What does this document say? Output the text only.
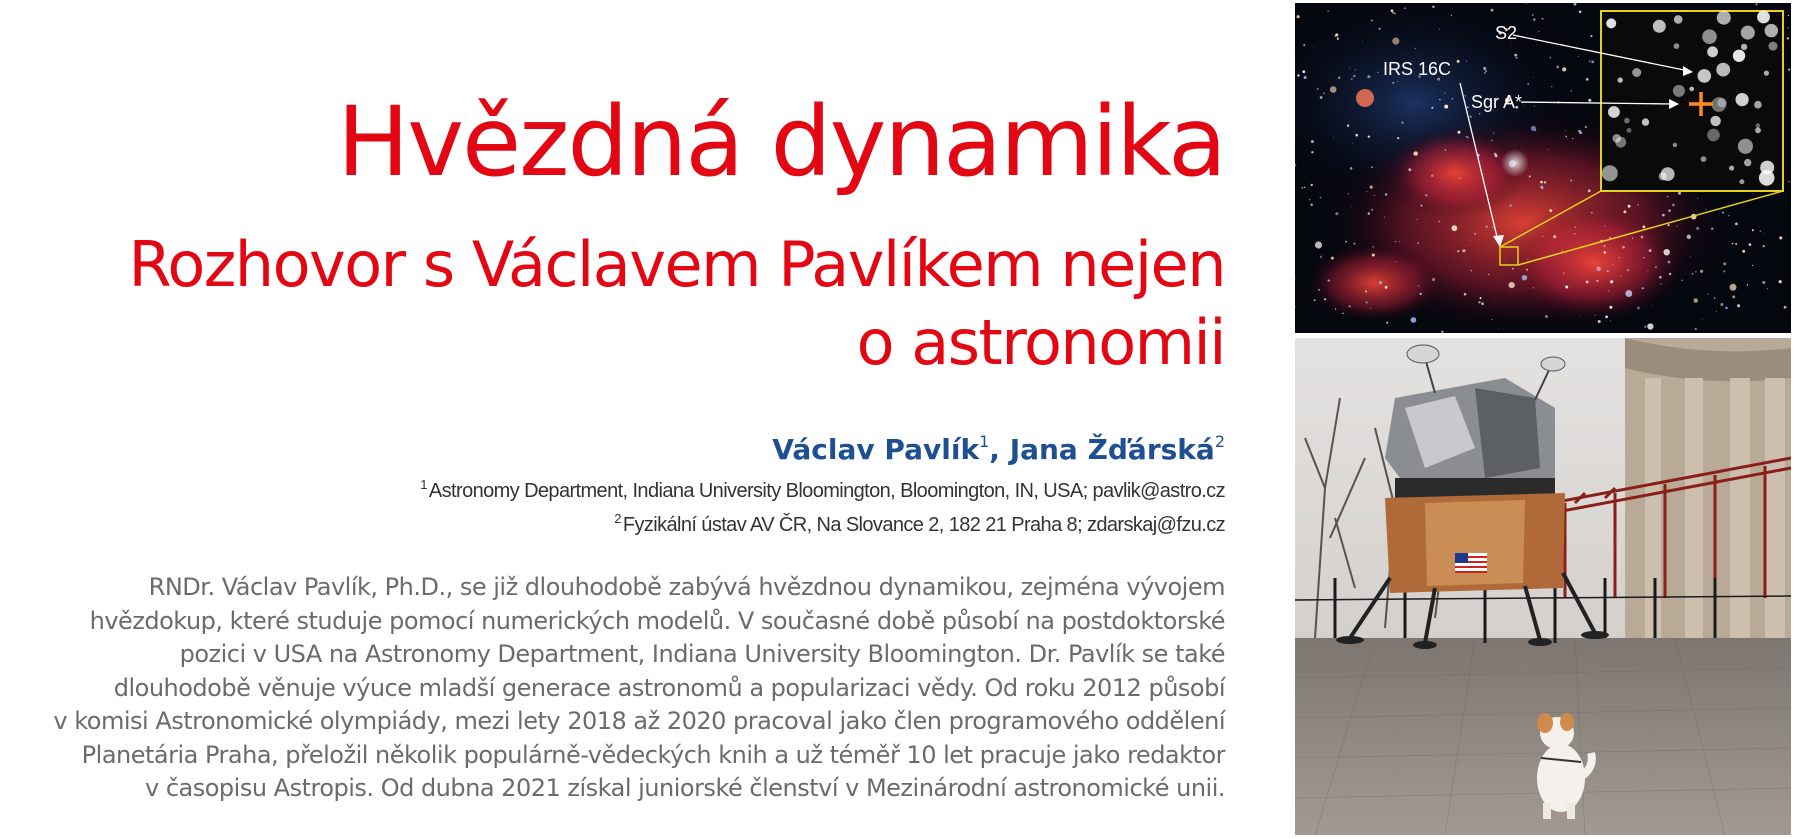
Hvězdná dynamika
Rozhovor s Václavem Pavlíkem nejen
o astronomii

Václav Pavlík$^1$, Jana Žďárská$^2$

$^1$ Astronomy Department, Indiana University Bloomington, Bloomington, IN, USA; pavlik@astro.cz

$^2$ Fyzikální ústav AV ČR, Na Slovance 2, 182 21 Praha 8; zdarskaj@fzu.cz

RNDr. Václav Pavlík, Ph.D., se již dlouhodobě zabývá hvězdnou dynamikou, zejména vývojem
hvězdokup, které studuje pomocí numerických modelů. V současné době působí na postdoktorské
pozici v USA na Astronomy Department, Indiana University Bloomington. Dr. Pavlík se také
dlouhodobě věnuje výuce mladší generace astronomů a popularizaci vědy. Od roku 2012 působí
v komisi Astronomické olympiády, mezi lety 2018 až 2020 pracoval jako člen programového oddělení
Planetária Praha, přeložil několik populárně-vědeckých knih a už téměř 10 let pracuje jako redaktor
v časopisu Astropis. Od dubna 2021 získal juniorské členství v Mezinárodní astronomické unii.

S2
IRS 16C
Sgr A*
